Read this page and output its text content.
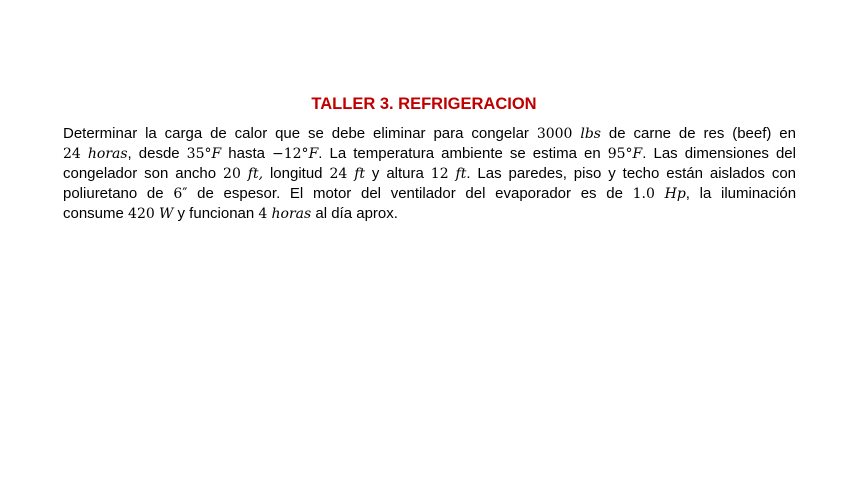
TALLER 3. REFRIGERACION
Determinar la carga de calor que se debe eliminar para congelar 3000 lbs de carne de res (beef) en
24 horas, desde 35°F hasta −12°F. La temperatura ambiente se estima en 95°F. Las dimensiones del
congelador son ancho 20 ft, longitud 24 ft y altura 12 ft. Las paredes, piso y techo están aislados con
poliuretano de 6″ de espesor. El motor del ventilador del evaporador es de 1.0 Hp, la iluminación
consume 420 W y funcionan 4 horas al día aprox.
